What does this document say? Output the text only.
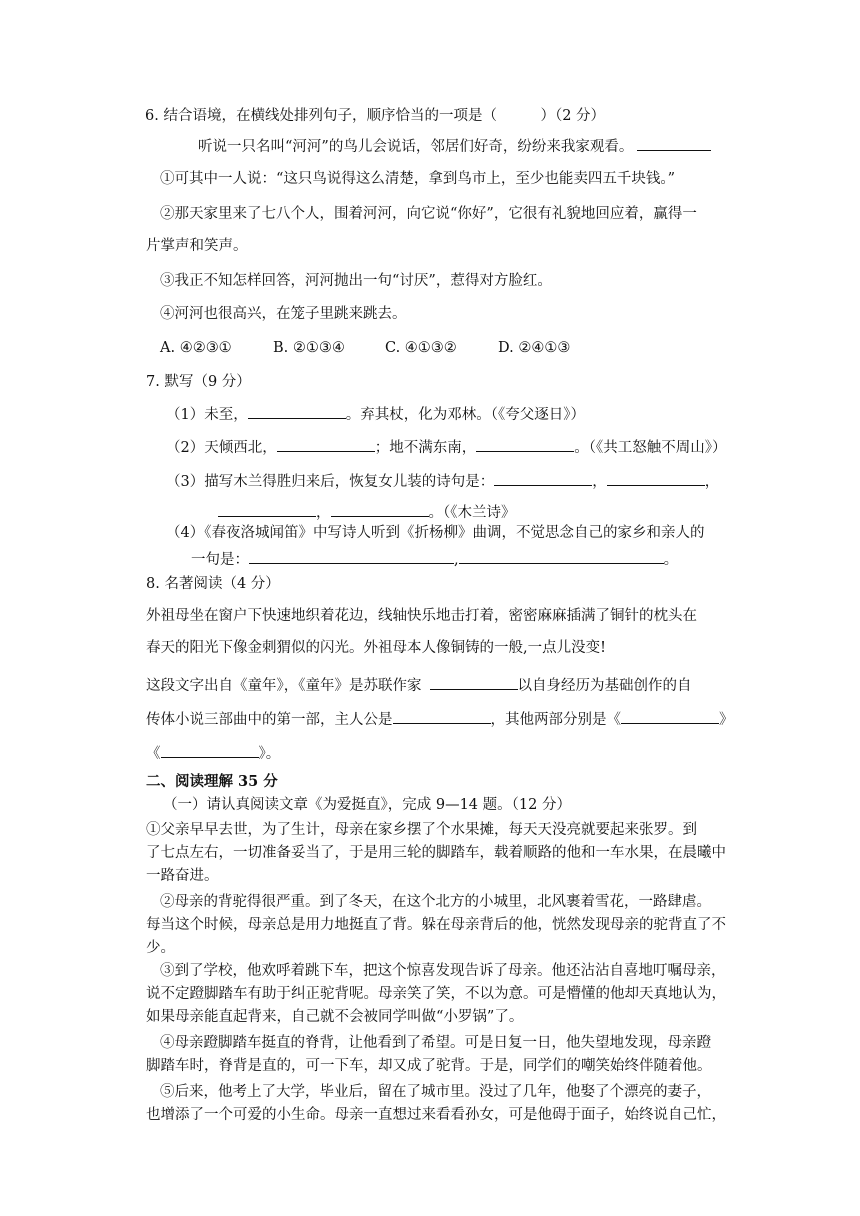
6. 结合语境，在横线处排列句子，顺序恰当的一项是（　　　）（2 分）
听说一只名叫“河河”的鸟儿会说话，邻居们好奇，纷纷来我家观看。
①可其中一人说：“这只鸟说得这么清楚，拿到鸟市上，至少也能卖四五千块钱。”
②那天家里来了七八个人，围着河河，向它说“你好”，它很有礼貌地回应着，赢得一
片掌声和笑声。
③我正不知怎样回答，河河抛出一句“讨厌”，惹得对方脸红。
④河河也很高兴，在笼子里跳来跳去。
A. ④②③①	B. ②①③④	C. ④①③②	D. ②④①③
7. 默写（9 分）
（1）未至，	。弃其杖，化为邓林。（《夸父逐日》）
（2）天倾西北，	；地不满东南，	。（《共工怒触不周山》）
（3）描写木兰得胜归来后，恢复女儿装的诗句是：	，	，
，	。（《木兰诗》
（4）《春夜洛城闻笛》中写诗人听到《折杨柳》曲调，不觉思念自己的家乡和亲人的
一句是：	,	。
8. 名著阅读（4 分）
外祖母坐在窗户下快速地织着花边，线轴快乐地击打着，密密麻麻插满了铜针的枕头在
春天的阳光下像金刺猬似的闪光。外祖母本人像铜铸的一般,一点儿没变!
这段文字出自《童年》，《童年》是苏联作家	以自身经历为基础创作的自
传体小说三部曲中的第一部，主人公是	，其他两部分别是《	》
《	》。
二、阅读理解 35 分
（一）请认真阅读文章《为爱挺直》，完成 9—14 题。（12 分）
①父亲早早去世，为了生计，母亲在家乡摆了个水果摊，每天天没亮就要起来张罗。到
了七点左右，一切准备妥当了，于是用三轮的脚踏车，载着顺路的他和一车水果，在晨曦中
一路奋进。
②母亲的背驼得很严重。到了冬天，在这个北方的小城里，北风裹着雪花，一路肆虐。
每当这个时候，母亲总是用力地挺直了背。躲在母亲背后的他，恍然发现母亲的驼背直了不
少。
③到了学校，他欢呼着跳下车，把这个惊喜发现告诉了母亲。他还沾沾自喜地叮嘱母亲，
说不定蹬脚踏车有助于纠正驼背呢。母亲笑了笑，不以为意。可是懵懂的他却天真地认为，
如果母亲能直起背来，自己就不会被同学叫做“小罗锅”了。
④母亲蹬脚踏车挺直的脊背，让他看到了希望。可是日复一日，他失望地发现，母亲蹬
脚踏车时，脊背是直的，可一下车，却又成了驼背。于是，同学们的嘲笑始终伴随着他。
⑤后来，他考上了大学，毕业后，留在了城市里。没过了几年，他娶了个漂亮的妻子，
也增添了一个可爱的小生命。母亲一直想过来看看孙女，可是他碍于面子，始终说自己忙，
